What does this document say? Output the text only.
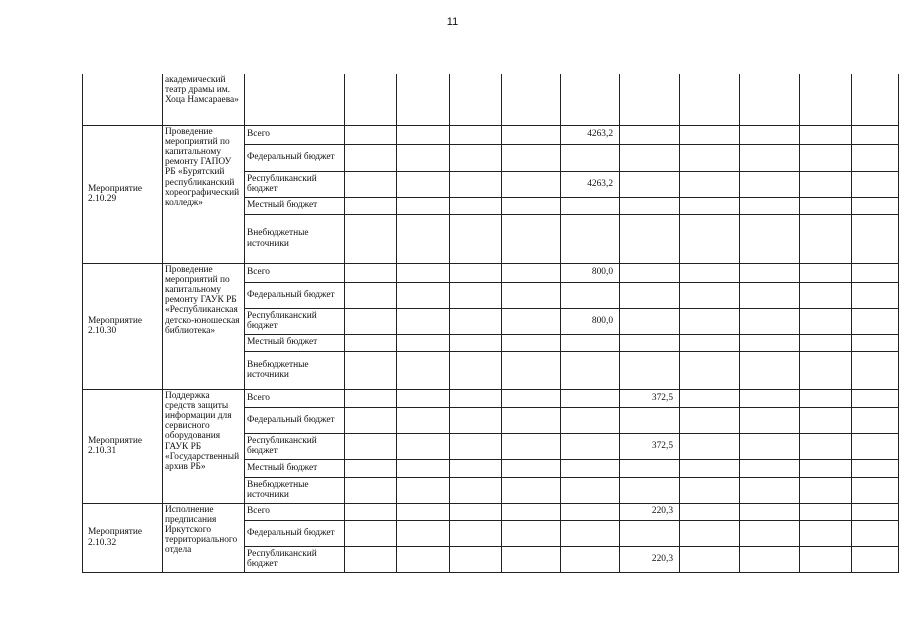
11
	академический театр драмы им. Хоца Намсараева»											
Мероприятие 2.10.29	Проведение мероприятий по капитальному ремонту ГАПОУ РБ «Бурятский республиканский хореографический колледж»	Всего					4263,2					
		Федеральный бюджет										
		Республиканский бюджет					4263,2					
		Местный бюджет										
		Внебюджетные источники										
Мероприятие 2.10.30	Проведение мероприятий по капитальному ремонту ГАУК РБ «Республиканская детско-юношеская библиотека»	Всего					800,0					
		Федеральный бюджет										
		Республиканский бюджет					800,0					
		Местный бюджет										
		Внебюджетные источники										
Мероприятие 2.10.31	Поддержка средств защиты информации для сервисного оборудования ГАУК РБ «Государственный архив РБ»	Всего						372,5				
		Федеральный бюджет										
		Республиканский бюджет						372,5				
		Местный бюджет										
		Внебюджетные источники										
Мероприятие 2.10.32	Исполнение предписания Иркутского территориального отдела	Всего						220,3				
		Федеральный бюджет										
		Республиканский бюджет						220,3				
